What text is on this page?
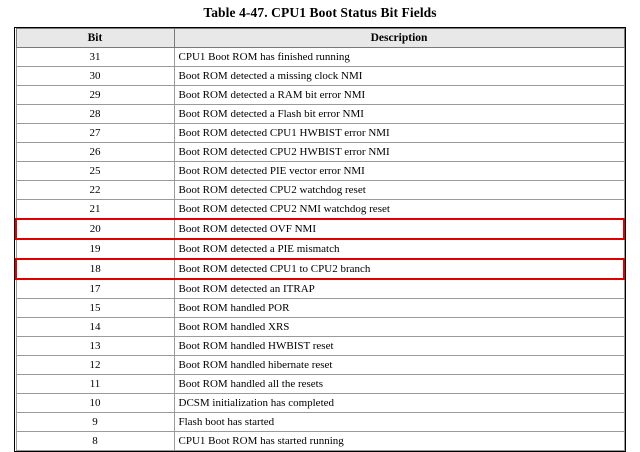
Table 4-47. CPU1 Boot Status Bit Fields
Bit	Description
31	CPU1 Boot ROM has finished running
30	Boot ROM detected a missing clock NMI
29	Boot ROM detected a RAM bit error NMI
28	Boot ROM detected a Flash bit error NMI
27	Boot ROM detected CPU1 HWBIST error NMI
26	Boot ROM detected CPU2 HWBIST error NMI
25	Boot ROM detected PIE vector error NMI
22	Boot ROM detected CPU2 watchdog reset
21	Boot ROM detected CPU2 NMI watchdog reset
20	Boot ROM detected OVF NMI
19	Boot ROM detected a PIE mismatch
18	Boot ROM detected CPU1 to CPU2 branch
17	Boot ROM detected an ITRAP
15	Boot ROM handled POR
14	Boot ROM handled XRS
13	Boot ROM handled HWBIST reset
12	Boot ROM handled hibernate reset
11	Boot ROM handled all the resets
10	DCSM initialization has completed
9	Flash boot has started
8	CPU1 Boot ROM has started running
